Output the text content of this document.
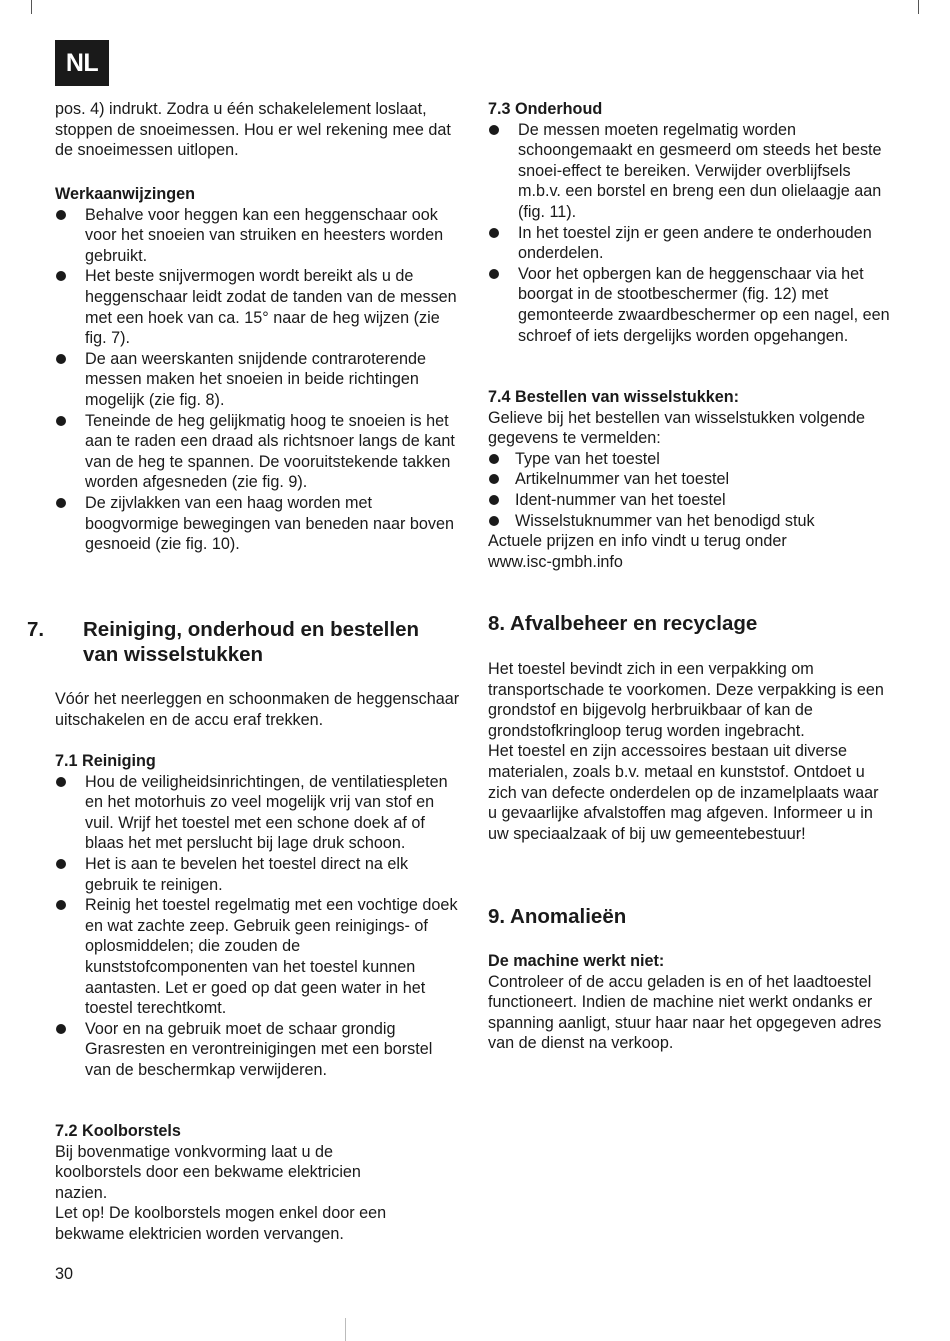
NL

pos. 4) indrukt. Zodra u één schakelelement loslaat, stoppen de snoeimessen. Hou er wel rekening mee dat de snoeimessen uitlopen.

Werkaanwijzingen

Behalve voor heggen kan een heggenschaar ook voor het snoeien van struiken en heesters worden gebruikt.
Het beste snijvermogen wordt bereikt als u de heggenschaar leidt zodat de tanden van de messen met een hoek van ca. 15° naar de heg wijzen (zie fig. 7).
De aan weerskanten snijdende contraroterende messen maken het snoeien in beide richtingen mogelijk (zie fig. 8).
Teneinde de heg gelijkmatig hoog te snoeien is het aan te raden een draad als richtsnoer langs de kant van de heg te spannen. De vooruitstekende takken worden afgesneden (zie fig. 9).
De zijvlakken van een haag worden met boogvormige bewegingen van beneden naar boven gesnoeid (zie fig. 10).
7. Reiniging, onderhoud en bestellen
van wisselstukken

Vóór het neerleggen en schoonmaken de heggenschaar uitschakelen en de accu eraf trekken.

7.1 Reiniging

Hou de veiligheidsinrichtingen, de ventilatiespleten en het motorhuis zo veel mogelijk vrij van stof en vuil. Wrijf het toestel met een schone doek af of blaas het met perslucht bij lage druk schoon.
Het is aan te bevelen het toestel direct na elk gebruik te reinigen.
Reinig het toestel regelmatig met een vochtige doek en wat zachte zeep. Gebruik geen reinigings- of oplosmiddelen; die zouden de kunststofcomponenten van het toestel kunnen aantasten. Let er goed op dat geen water in het toestel terechtkomt.
Voor en na gebruik moet de schaar grondig Grasresten en verontreinigingen met een borstel van de beschermkap verwijderen.

7.2 Koolborstels

Bij bovenmatige vonkvorming laat u de koolborstels door een bekwame elektricien nazien.

Let op! De koolborstels mogen enkel door een bekwame elektricien worden vervangen.

7.3 Onderhoud

De messen moeten regelmatig worden schoongemaakt en gesmeerd om steeds het beste snoei-effect te bereiken. Verwijder overblijfsels m.b.v. een borstel en breng een dun olielaagje aan (fig. 11).
In het toestel zijn er geen andere te onderhouden onderdelen.
Voor het opbergen kan de heggenschaar via het boorgat in de stootbeschermer (fig. 12) met gemonteerde zwaardbeschermer op een nagel, een schroef of iets dergelijks worden opgehangen.

7.4 Bestellen van wisselstukken:

Gelieve bij het bestellen van wisselstukken volgende gegevens te vermelden:

Type van het toestel
Artikelnummer van het toestel
Ident-nummer van het toestel
Wisselstuknummer van het benodigd stuk

Actuele prijzen en info vindt u terug onder www.isc-gmbh.info

8. Afvalbeheer en recyclage

Het toestel bevindt zich in een verpakking om transportschade te voorkomen. Deze verpakking is een grondstof en bijgevolg herbruikbaar of kan de grondstofkringloop terug worden ingebracht.

Het toestel en zijn accessoires bestaan uit diverse materialen, zoals b.v. metaal en kunststof. Ontdoet u zich van defecte onderdelen op de inzamelplaats waar u gevaarlijke afvalstoffen mag afgeven. Informeer u in uw speciaalzaak of bij uw gemeentebestuur!

9. Anomalieën

De machine werkt niet:

Controleer of de accu geladen is en of het laadtoestel functioneert. Indien de machine niet werkt ondanks er spanning aanligt, stuur haar naar het opgegeven adres van de dienst na verkoop.

30
